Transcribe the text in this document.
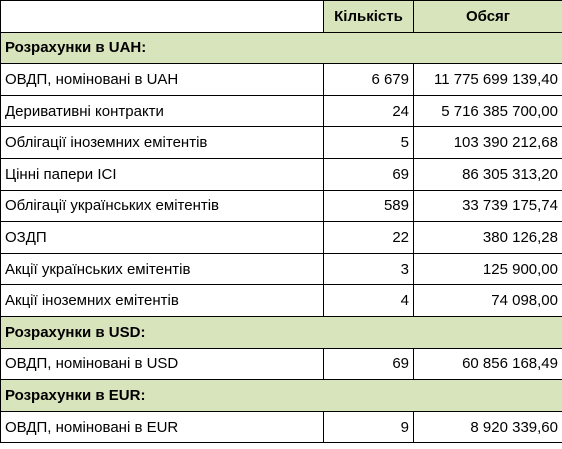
	Кількість	Обсяг
Розрахунки в UAH:		
ОВДП, номіновані в UAH	6 679	11 775 699 139,40
Деривативні контракти	24	5 716 385 700,00
Облігації іноземних емітентів	5	103 390 212,68
Цінні папери ІСІ	69	86 305 313,20
Облігації українських емітентів	589	33 739 175,74
ОЗДП	22	380 126,28
Акції українських емітентів	3	125 900,00
Акції іноземних емітентів	4	74 098,00
Розрахунки в USD:		
ОВДП, номіновані в USD	69	60 856 168,49
Розрахунки в EUR:		
ОВДП, номіновані в EUR	9	8 920 339,60
